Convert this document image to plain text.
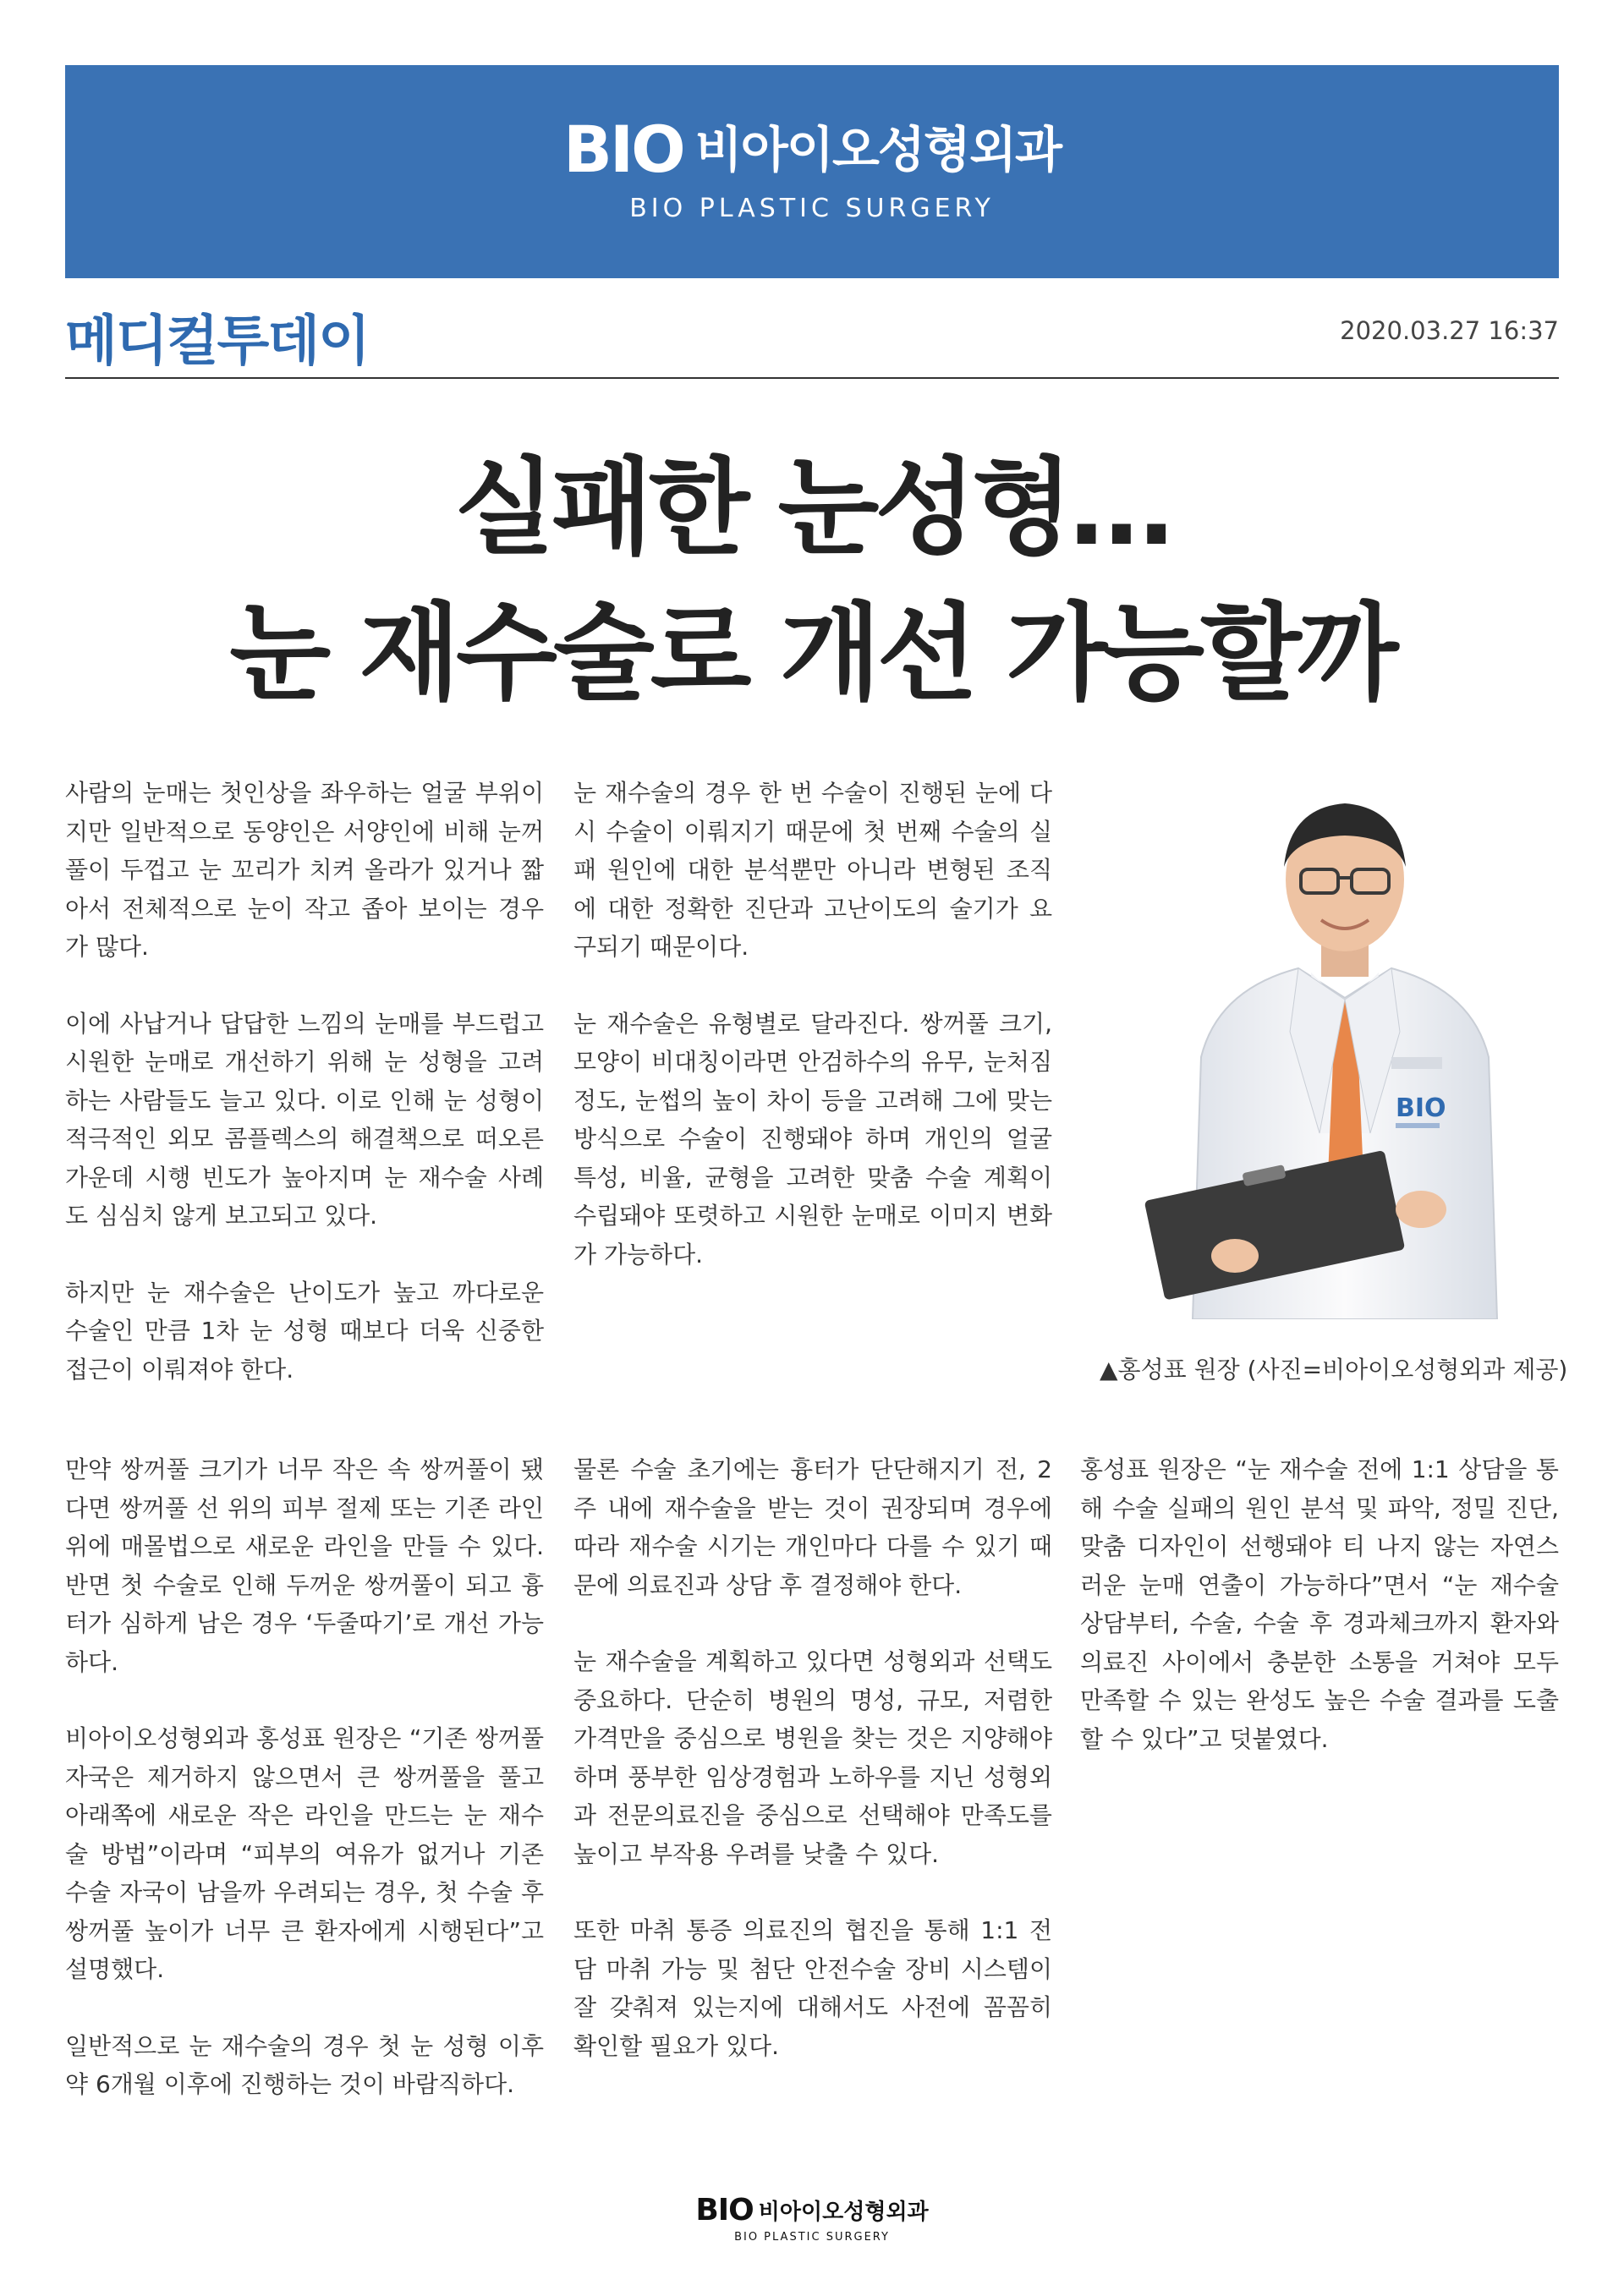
BIO 비아이오성형외과
BIO PLASTIC SURGERY
메디컬투데이	2020.03.27 16:37
실패한 눈성형…
눈 재수술로 개선 가능할까

사람의 눈매는 첫인상을 좌우하는 얼굴 부위이지만 일반적으로 동양인은 서양인에 비해 눈꺼풀이 두껍고 눈 꼬리가 치켜 올라가 있거나 짧아서 전체적으로 눈이 작고 좁아 보이는 경우가 많다.

이에 사납거나 답답한 느낌의 눈매를 부드럽고 시원한 눈매로 개선하기 위해 눈 성형을 고려하는 사람들도 늘고 있다. 이로 인해 눈 성형이 적극적인 외모 콤플렉스의 해결책으로 떠오른 가운데 시행 빈도가 높아지며 눈 재수술 사례도 심심치 않게 보고되고 있다.

하지만 눈 재수술은 난이도가 높고 까다로운 수술인 만큼 1차 눈 성형 때보다 더욱 신중한 접근이 이뤄져야 한다.

눈 재수술의 경우 한 번 수술이 진행된 눈에 다시 수술이 이뤄지기 때문에 첫 번째 수술의 실패 원인에 대한 분석뿐만 아니라 변형된 조직에 대한 정확한 진단과 고난이도의 술기가 요구되기 때문이다.

눈 재수술은 유형별로 달라진다. 쌍꺼풀 크기, 모양이 비대칭이라면 안검하수의 유무, 눈처짐 정도, 눈썹의 높이 차이 등을 고려해 그에 맞는 방식으로 수술이 진행돼야 하며 개인의 얼굴 특성, 비율, 균형을 고려한 맞춤 수술 계획이 수립돼야 또렷하고 시원한 눈매로 이미지 변화가 가능하다.

BIO
▲홍성표 원장 (사진=비아이오성형외과 제공)

만약 쌍꺼풀 크기가 너무 작은 속 쌍꺼풀이 됐다면 쌍꺼풀 선 위의 피부 절제 또는 기존 라인 위에 매몰법으로 새로운 라인을 만들 수 있다. 반면 첫 수술로 인해 두꺼운 쌍꺼풀이 되고 흉터가 심하게 남은 경우 ‘두줄따기’로 개선 가능하다.

비아이오성형외과 홍성표 원장은 “기존 쌍꺼풀 자국은 제거하지 않으면서 큰 쌍꺼풀을 풀고 아래쪽에 새로운 작은 라인을 만드는 눈 재수술 방법”이라며 “피부의 여유가 없거나 기존 수술 자국이 남을까 우려되는 경우, 첫 수술 후 쌍꺼풀 높이가 너무 큰 환자에게 시행된다”고 설명했다.

일반적으로 눈 재수술의 경우 첫 눈 성형 이후 약 6개월 이후에 진행하는 것이 바람직하다.

물론 수술 초기에는 흉터가 단단해지기 전, 2주 내에 재수술을 받는 것이 권장되며 경우에 따라 재수술 시기는 개인마다 다를 수 있기 때문에 의료진과 상담 후 결정해야 한다.

눈 재수술을 계획하고 있다면 성형외과 선택도 중요하다. 단순히 병원의 명성, 규모, 저렴한 가격만을 중심으로 병원을 찾는 것은 지양해야 하며 풍부한 임상경험과 노하우를 지닌 성형외과 전문의료진을 중심으로 선택해야 만족도를 높이고 부작용 우려를 낮출 수 있다.

또한 마취 통증 의료진의 협진을 통해 1:1 전담 마취 가능 및 첨단 안전수술 장비 시스템이 잘 갖춰져 있는지에 대해서도 사전에 꼼꼼히 확인할 필요가 있다.

홍성표 원장은 “눈 재수술 전에 1:1 상담을 통해 수술 실패의 원인 분석 및 파악, 정밀 진단, 맞춤 디자인이 선행돼야 티 나지 않는 자연스러운 눈매 연출이 가능하다”면서 “눈 재수술 상담부터, 수술, 수술 후 경과체크까지 환자와 의료진 사이에서 충분한 소통을 거쳐야 모두 만족할 수 있는 완성도 높은 수술 결과를 도출할 수 있다”고 덧붙였다.

BIO 비아이오성형외과
BIO PLASTIC SURGERY
